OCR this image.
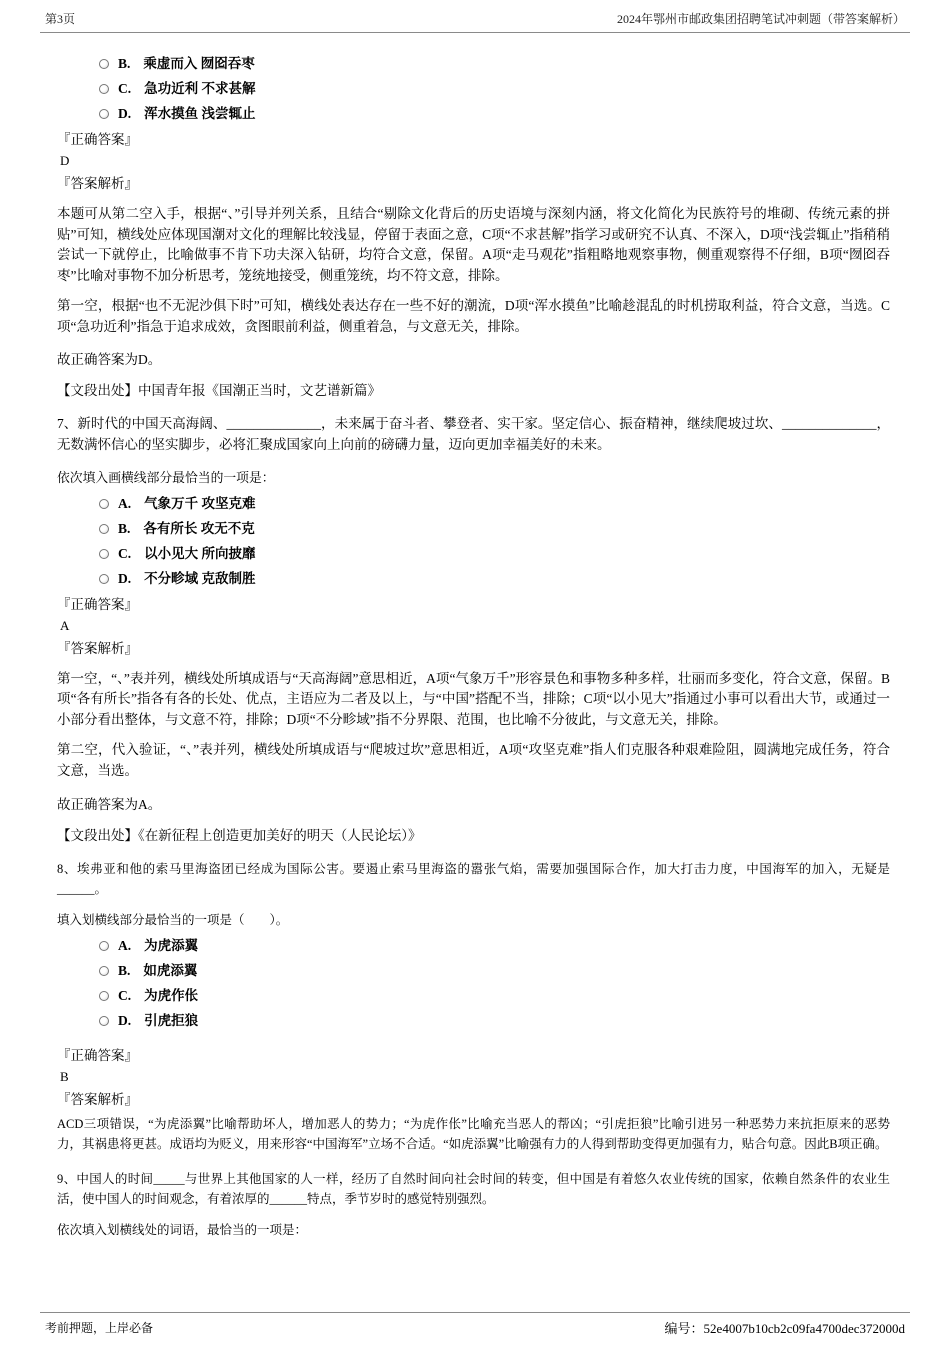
第3页	2024年鄂州市邮政集团招聘笔试冲刺题（带答案解析）
B. 乘虚而入 囫囵吞枣
C. 急功近利 不求甚解
D. 浑水摸鱼 浅尝辄止
『正确答案』
D
『答案解析』

本题可从第二空入手，根据“、”引导并列关系，且结合“剔除文化背后的历史语境与深刻内涵，将文化简化为民族符号的堆砌、传统元素的拼贴”可知，横线处应体现国潮对文化的理解比较浅显，停留于表面之意，C项“不求甚解”指学习或研究不认真、不深入，D项“浅尝辄止”指稍稍尝试一下就停止，比喻做事不肯下功夫深入钻研，均符合文意，保留。A项“走马观花”指粗略地观察事物，侧重观察得不仔细，B项“囫囵吞枣”比喻对事物不加分析思考，笼统地接受，侧重笼统，均不符文意，排除。

第一空，根据“也不无泥沙俱下时”可知，横线处表达存在一些不好的潮流，D项“浑水摸鱼”比喻趁混乱的时机捞取利益，符合文意，当选。C项“急功近利”指急于追求成效，贪图眼前利益，侧重着急，与文意无关，排除。

故正确答案为D。

【文段出处】中国青年报《国潮正当时，文艺谱新篇》

7、新时代的中国天高海阔、______________，未来属于奋斗者、攀登者、实干家。坚定信心、振奋精神，继续爬坡过坎、______________，无数满怀信心的坚实脚步，必将汇聚成国家向上向前的磅礴力量，迈向更加幸福美好的未来。

依次填入画横线部分最恰当的一项是：

A. 气象万千 攻坚克难
B. 各有所长 攻无不克
C. 以小见大 所向披靡
D. 不分畛域 克敌制胜
『正确答案』
A
『答案解析』

第一空，“、”表并列，横线处所填成语与“天高海阔”意思相近，A项“气象万千”形容景色和事物多种多样，壮丽而多变化，符合文意，保留。B项“各有所长”指各有各的长处、优点，主语应为二者及以上，与“中国”搭配不当，排除；C项“以小见大”指通过小事可以看出大节，或通过一小部分看出整体，与文意不符，排除；D项“不分畛域”指不分界限、范围，也比喻不分彼此，与文意无关，排除。

第二空，代入验证，“、”表并列，横线处所填成语与“爬坡过坎”意思相近，A项“攻坚克难”指人们克服各种艰难险阻，圆满地完成任务，符合文意，当选。

故正确答案为A。

【文段出处】《在新征程上创造更加美好的明天（人民论坛）》

8、埃弗亚和他的索马里海盗团已经成为国际公害。要遏止索马里海盗的嚣张气焰，需要加强国际合作，加大打击力度，中国海军的加入，无疑是______。

填入划横线部分最恰当的一项是（　　）。

A. 为虎添翼
B. 如虎添翼
C. 为虎作伥
D. 引虎拒狼
『正确答案』
B
『答案解析』

ACD三项错误，“为虎添翼”比喻帮助坏人，增加恶人的势力；“为虎作伥”比喻充当恶人的帮凶；“引虎拒狼”比喻引进另一种恶势力来抗拒原来的恶势力，其祸患将更甚。成语均为贬义，用来形容“中国海军”立场不合适。“如虎添翼”比喻强有力的人得到帮助变得更加强有力，贴合句意。因此B项正确。

9、中国人的时间_____与世界上其他国家的人一样，经历了自然时间向社会时间的转变，但中国是有着悠久农业传统的国家，依赖自然条件的农业生活，使中国人的时间观念，有着浓厚的______特点，季节岁时的感觉特别强烈。

依次填入划横线处的词语，最恰当的一项是：

考前押题，上岸必备	编号：52e4007b10cb2c09fa4700dec372000d
